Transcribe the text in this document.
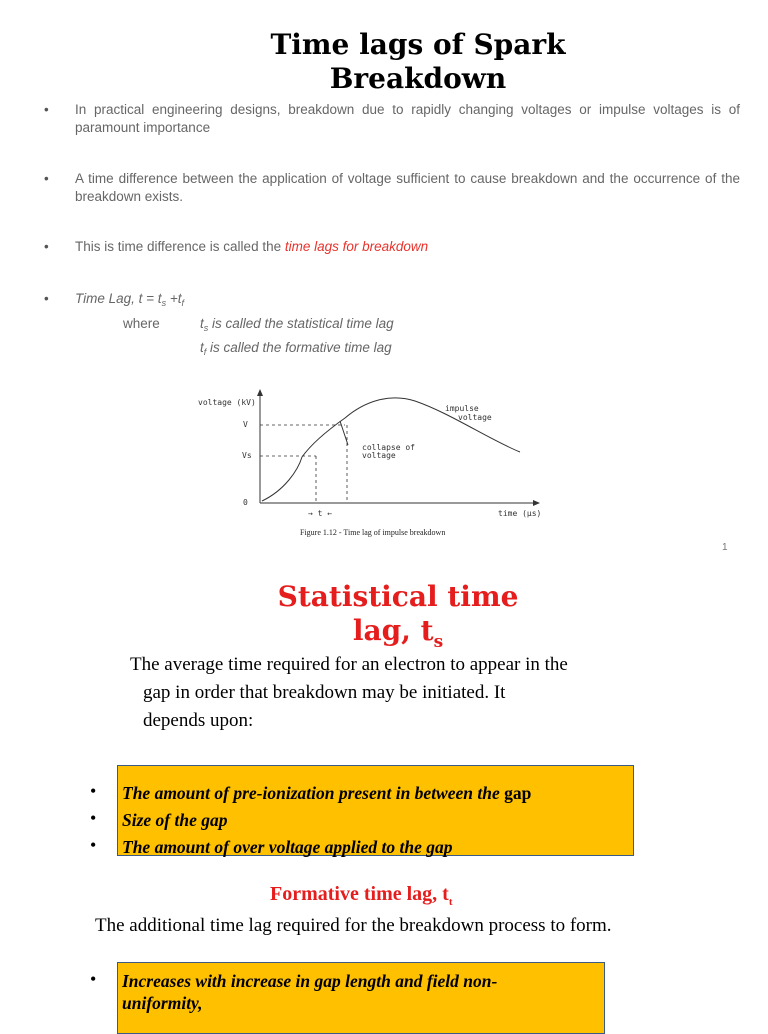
Time lags of Spark
Breakdown
• In practical engineering designs, breakdown due to rapidly changing voltages or impulse voltages is of paramount importance
• A time difference between the application of voltage sufficient to cause breakdown and the occurrence of the breakdown exists.
• This is time difference is called the time lags for breakdown
• Time Lag, $t = t_s +t_f$
where	$t_s$ is called the statistical time lag
$t_f$ is called the formative time lag
voltage (kV)
V
Vs
0
impulse
voltage
collapse of
voltage
→ t ←	time (μs)
Figure 1.12 - Time lag of impulse breakdown
1
Statistical time
lag, $t_s$
The average time required for an electron to appear in the
gap in order that breakdown may be initiated. It
depends upon:
• The amount of pre-ionization present in between the gap
• Size of the gap
• The amount of over voltage applied to the gap
Formative time lag, $t_t$
The additional time lag required for the breakdown process to form.
• Increases with increase in gap length and field non-uniformity,
